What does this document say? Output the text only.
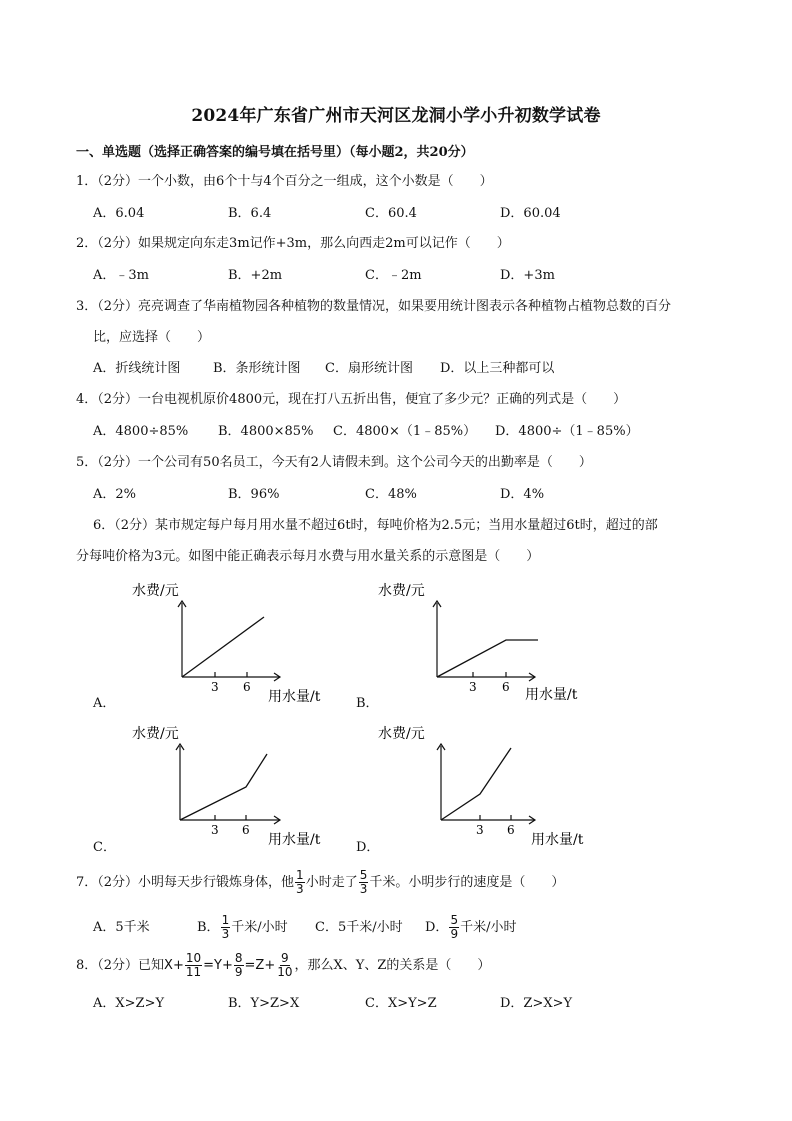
2024年广东省广州市天河区龙洞小学小升初数学试卷
一、单选题（选择正确答案的编号填在括号里）（每小题2，共20分）
1．（2分）一个小数，由6个十与4个百分之一组成，这个小数是（　　）
A．6.04	B．6.4	C．60.4	D．60.04
2．（2分）如果规定向东走3m记作+3m，那么向西走2m可以记作（　　）
A．﹣3m	B．+2m	C．﹣2m	D．+3m
3．（2分）亮亮调查了华南植物园各种植物的数量情况，如果要用统计图表示各种植物占植物总数的百分
比，应选择（　　）
A．折线统计图	B．条形统计图 C．扇形统计图 D．以上三种都可以
4．（2分）一台电视机原价4800元，现在打八五折出售，便宜了多少元？正确的列式是（　　）
A．4800÷85% B．4800×85% C．4800×（1﹣85%） D．4800÷（1﹣85%）
5．（2分）一个公司有50名员工，今天有2人请假未到。这个公司今天的出勤率是（　　）
A．2%	B．96%	C．48%	D．4%
6．（2分）某市规定每户每月用水量不超过6t时，每吨价格为2.5元；当用水量超过6t时，超过的部
分每吨价格为3元。如图中能正确表示每月水费与用水量关系的示意图是（　　）
水费/元
3 6
用水量/t
A．
水费/元
3 6 用水量/t
B．
水费/元
3 6
用水量/t
C．
水费/元
3 6
用水量/t
D．
7．（2分）小明每天步行锻炼身体，他 $\frac{1}{3}$ 小时走了 $\frac{5}{3}$ 千米。小明步行的速度是（　　）
A．5千米	B． $\frac{1}{3}$ 千米/小时 C．5千米/小时 D． $\frac{5}{9}$ 千米/小时
8．（2分）已知$X+ \frac{10}{11} =Y+ \frac{8}{9} =Z+ \frac{9}{10}$ ，那么X、Y、Z的关系是（　　）
A．X>Z>Y	B．Y>Z>X	C．X>Y>Z	D．Z>X>Y
